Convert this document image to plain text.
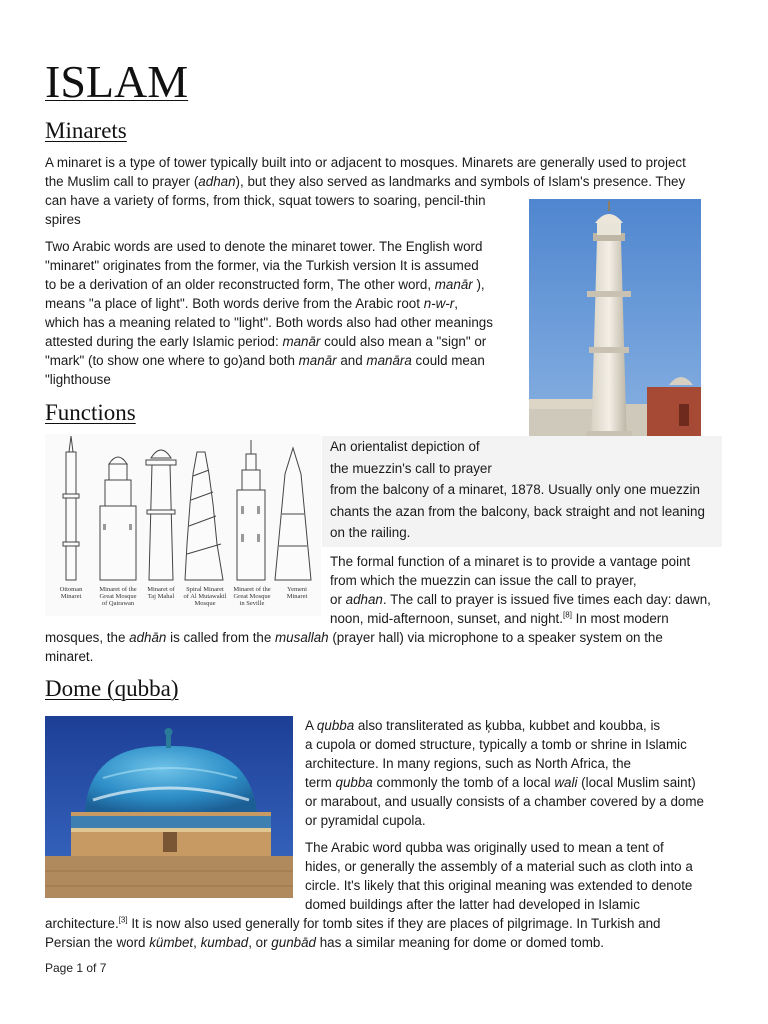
ISLAM
Minarets
A minaret is a type of tower typically built into or adjacent to mosques. Minarets are generally used to project
the Muslim call to prayer (adhan), but they also served as landmarks and symbols of Islam's presence. They
can have a variety of forms, from thick, squat towers to soaring, pencil-thin
spires
Two Arabic words are used to denote the minaret tower. The English word
"minaret" originates from the former, via the Turkish version It is assumed
to be a derivation of an older reconstructed form, The other word, manār ),
means "a place of light". Both words derive from the Arabic root n-w-r,
which has a meaning related to "light". Both words also had other meanings
attested during the early Islamic period: manār could also mean a "sign" or
"mark" (to show one where to go)and both manār and manāra could mean
"lighthouse
Functions
Ottoman
Minaret
Minaret of the
Great Mosque
of Qairawan
Minaret of
Taj Mahal
Spiral Minaret
of Al Mutawakil
Mosque
Minaret of the
Great Mosque
in Seville
Yemeni
Minaret
An orientalist depiction of
the muezzin's call to prayer
from the balcony of a minaret, 1878. Usually only one muezzin
chants the azan from the balcony, back straight and not leaning
on the railing.
The formal function of a minaret is to provide a vantage point
from which the muezzin can issue the call to prayer,
or adhan. The call to prayer is issued five times each day: dawn,
noon, mid-afternoon, sunset, and night.[8] In most modern
mosques, the adhān is called from the musallah (prayer hall) via microphone to a speaker system on the
minaret.
Dome (qubba)
A qubba also transliterated as ķubba, kubbet and koubba, is
a cupola or domed structure, typically a tomb or shrine in Islamic
architecture. In many regions, such as North Africa, the
term qubba commonly the tomb of a local wali (local Muslim saint)
or marabout, and usually consists of a chamber covered by a dome
or pyramidal cupola.
The Arabic word qubba was originally used to mean a tent of
hides, or generally the assembly of a material such as cloth into a
circle. It's likely that this original meaning was extended to denote
domed buildings after the latter had developed in Islamic
architecture.[3] It is now also used generally for tomb sites if they are places of pilgrimage. In Turkish and
Persian the word kümbet, kumbad, or gunbād has a similar meaning for dome or domed tomb.
Page 1 of 7
